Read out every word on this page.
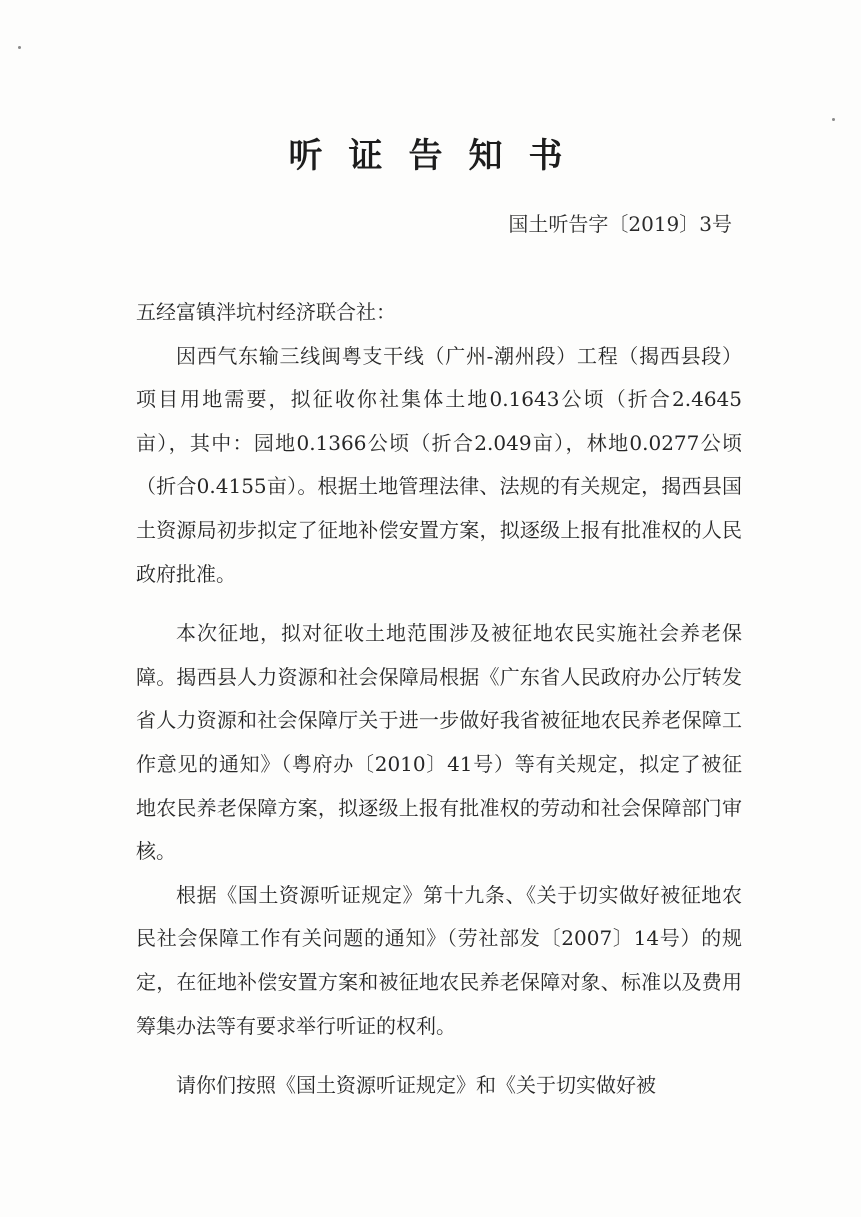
听证告知书
国土听告字〔2019〕3号

五经富镇泮坑村经济联合社：

因西气东输三线闽粤支干线（广州-潮州段）工程（揭西县段）项目用地需要，拟征收你社集体土地0.1643公顷（折合2.4645亩），其中：园地0.1366公顷（折合2.049亩），林地0.0277公顷（折合0.4155亩）。根据土地管理法律、法规的有关规定，揭西县国土资源局初步拟定了征地补偿安置方案，拟逐级上报有批准权的人民政府批准。

本次征地，拟对征收土地范围涉及被征地农民实施社会养老保障。揭西县人力资源和社会保障局根据《广东省人民政府办公厅转发省人力资源和社会保障厅关于进一步做好我省被征地农民养老保障工作意见的通知》（粤府办〔2010〕41号）等有关规定，拟定了被征地农民养老保障方案，拟逐级上报有批准权的劳动和社会保障部门审核。

根据《国土资源听证规定》第十九条、《关于切实做好被征地农民社会保障工作有关问题的通知》（劳社部发〔2007〕14号）的规定，在征地补偿安置方案和被征地农民养老保障对象、标准以及费用筹集办法等有要求举行听证的权利。

请你们按照《国土资源听证规定》和《关于切实做好被
